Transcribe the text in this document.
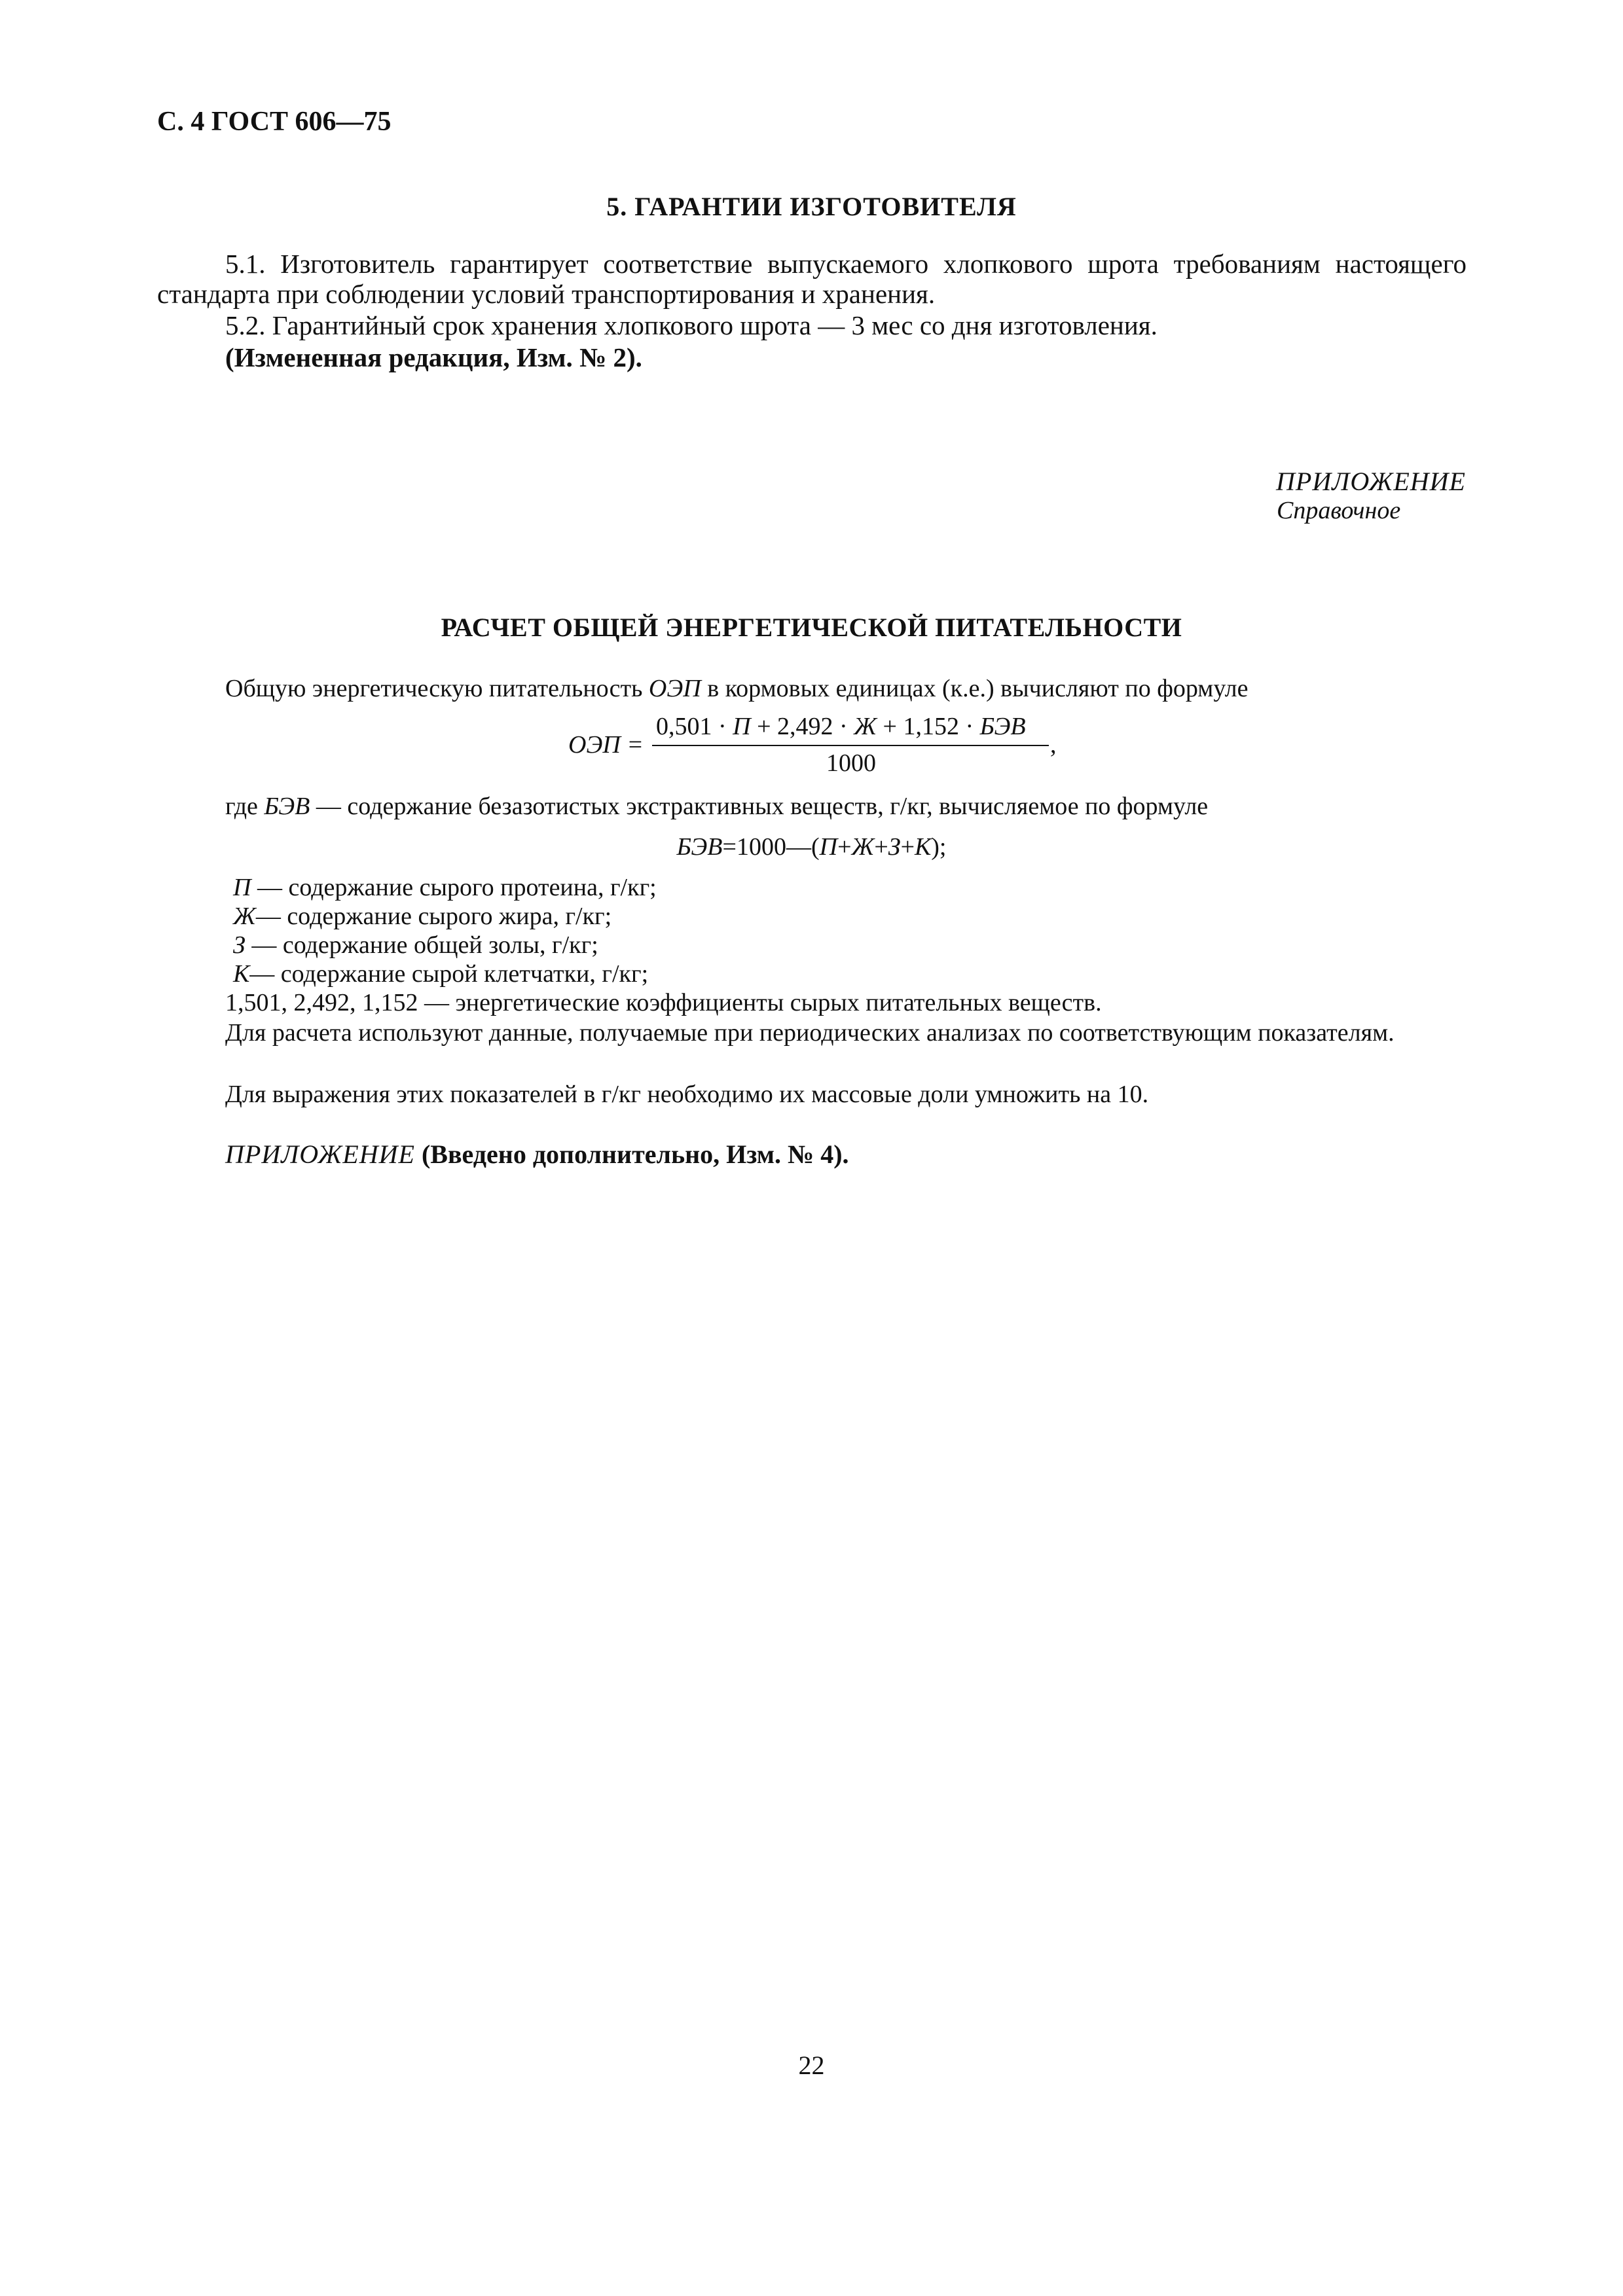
С. 4 ГОСТ 606—75
5. ГАРАНТИИ ИЗГОТОВИТЕЛЯ
5.1. Изготовитель гарантирует соответствие выпускаемого хлопкового шрота требованиям настоящего стандарта при соблюдении условий транспортирования и хранения.
5.2. Гарантийный срок хранения хлопкового шрота — 3 мес со дня изготовления.
(Измененная редакция, Изм. № 2).
ПРИЛОЖЕНИЕ
Справочное
РАСЧЕТ ОБЩЕЙ ЭНЕРГЕТИЧЕСКОЙ ПИТАТЕЛЬНОСТИ
Общую энергетическую питательность ОЭП в кормовых единицах (к.е.) вычисляют по формуле
ОЭП =
0,501 · П + 2,492 · Ж + 1,152 · БЭВ
1000
,
где БЭВ — содержание безазотистых экстрактивных веществ, г/кг, вычисляемое по формуле
БЭВ=1000—(П+Ж+З+К);
П — содержание сырого протеина, г/кг;
Ж— содержание сырого жира, г/кг;
З — содержание общей золы, г/кг;
К— содержание сырой клетчатки, г/кг;
1,501, 2,492, 1,152 — энергетические коэффициенты сырых питательных веществ.
Для расчета используют данные, получаемые при периодических анализах по соответствующим показателям.
Для выражения этих показателей в г/кг необходимо их массовые доли умножить на 10.
ПРИЛОЖЕНИЕ (Введено дополнительно, Изм. № 4).
22
